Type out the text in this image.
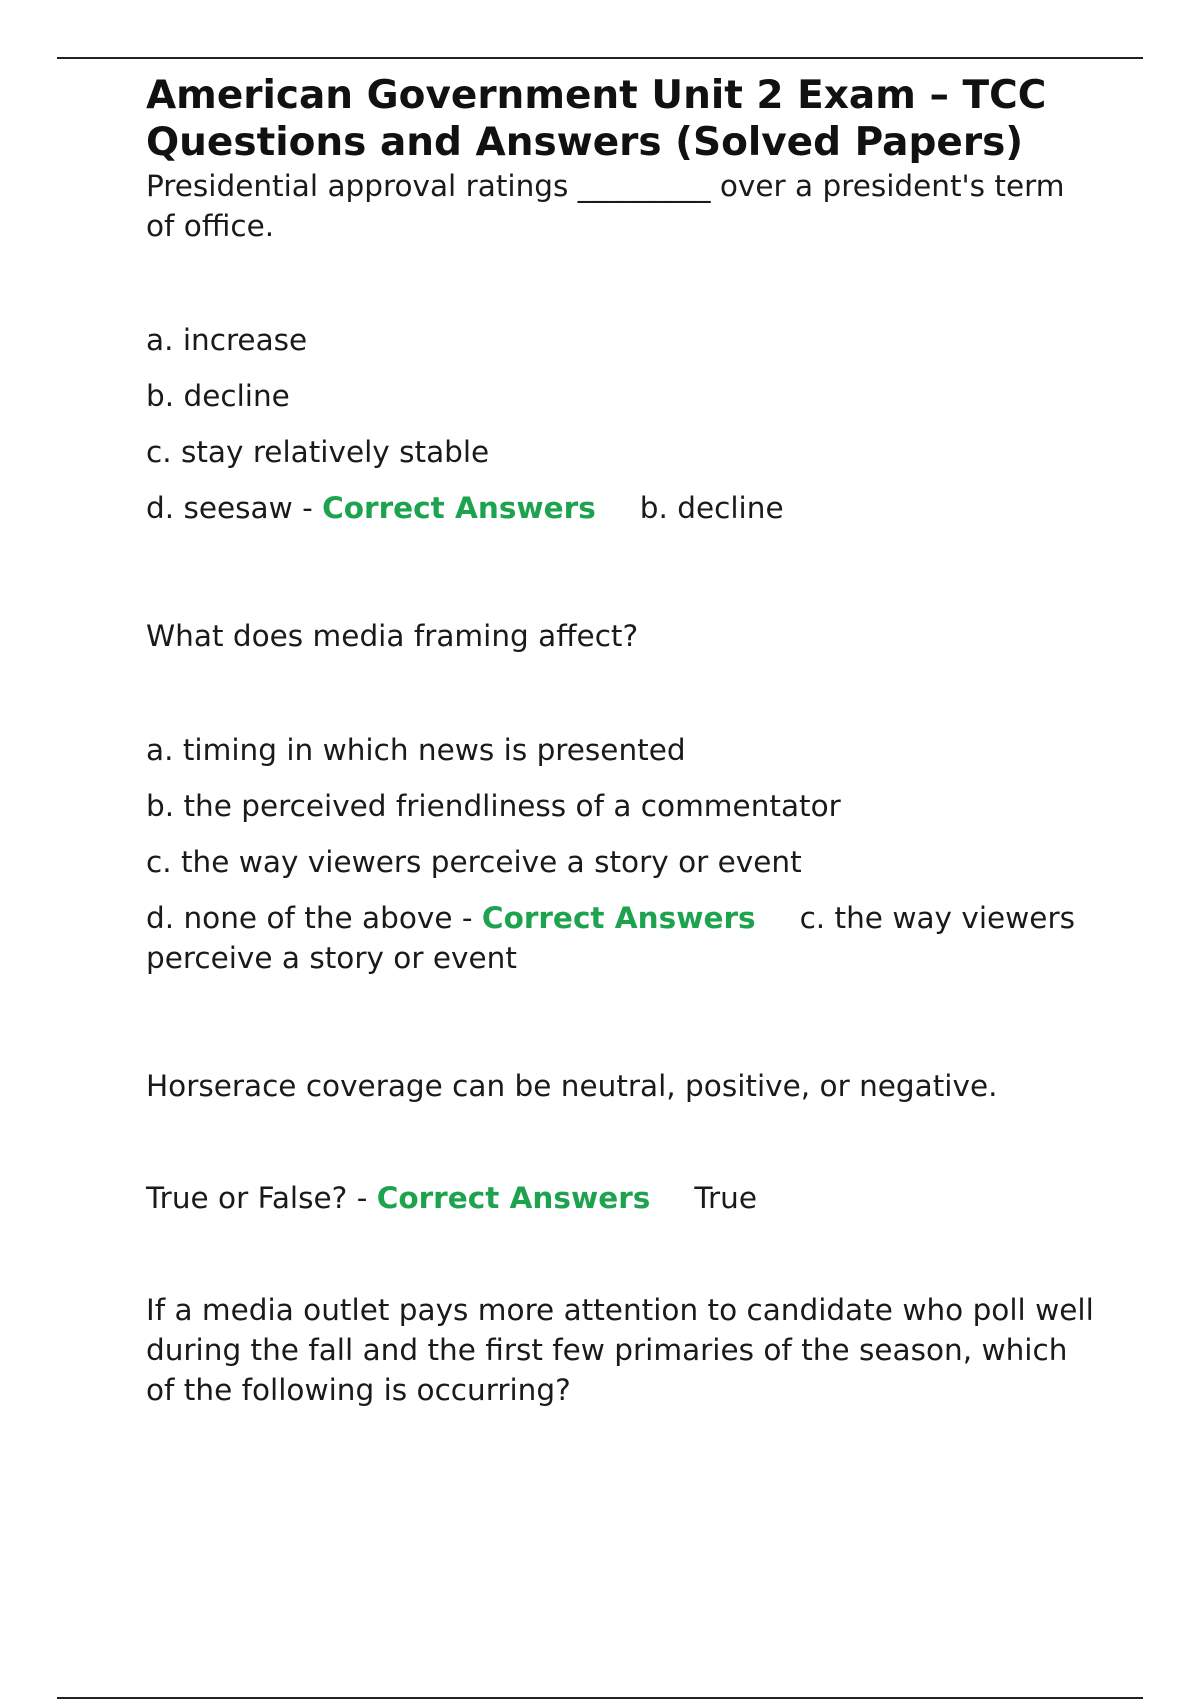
American Government Unit 2 Exam – TCC Questions and Answers (Solved Papers)

Presidential approval ratings _________ over a president's term of office.

a. increase

b. decline

c. stay relatively stable

d. seesaw - Correct Answers b. decline

What does media framing affect?

a. timing in which news is presented

b. the perceived friendliness of a commentator

c. the way viewers perceive a story or event

d. none of the above - Correct Answers c. the way viewers perceive a story or event

Horserace coverage can be neutral, positive, or negative.

True or False? - Correct Answers True

If a media outlet pays more attention to candidate who poll well during the fall and the first few primaries of the season, which of the following is occurring?
